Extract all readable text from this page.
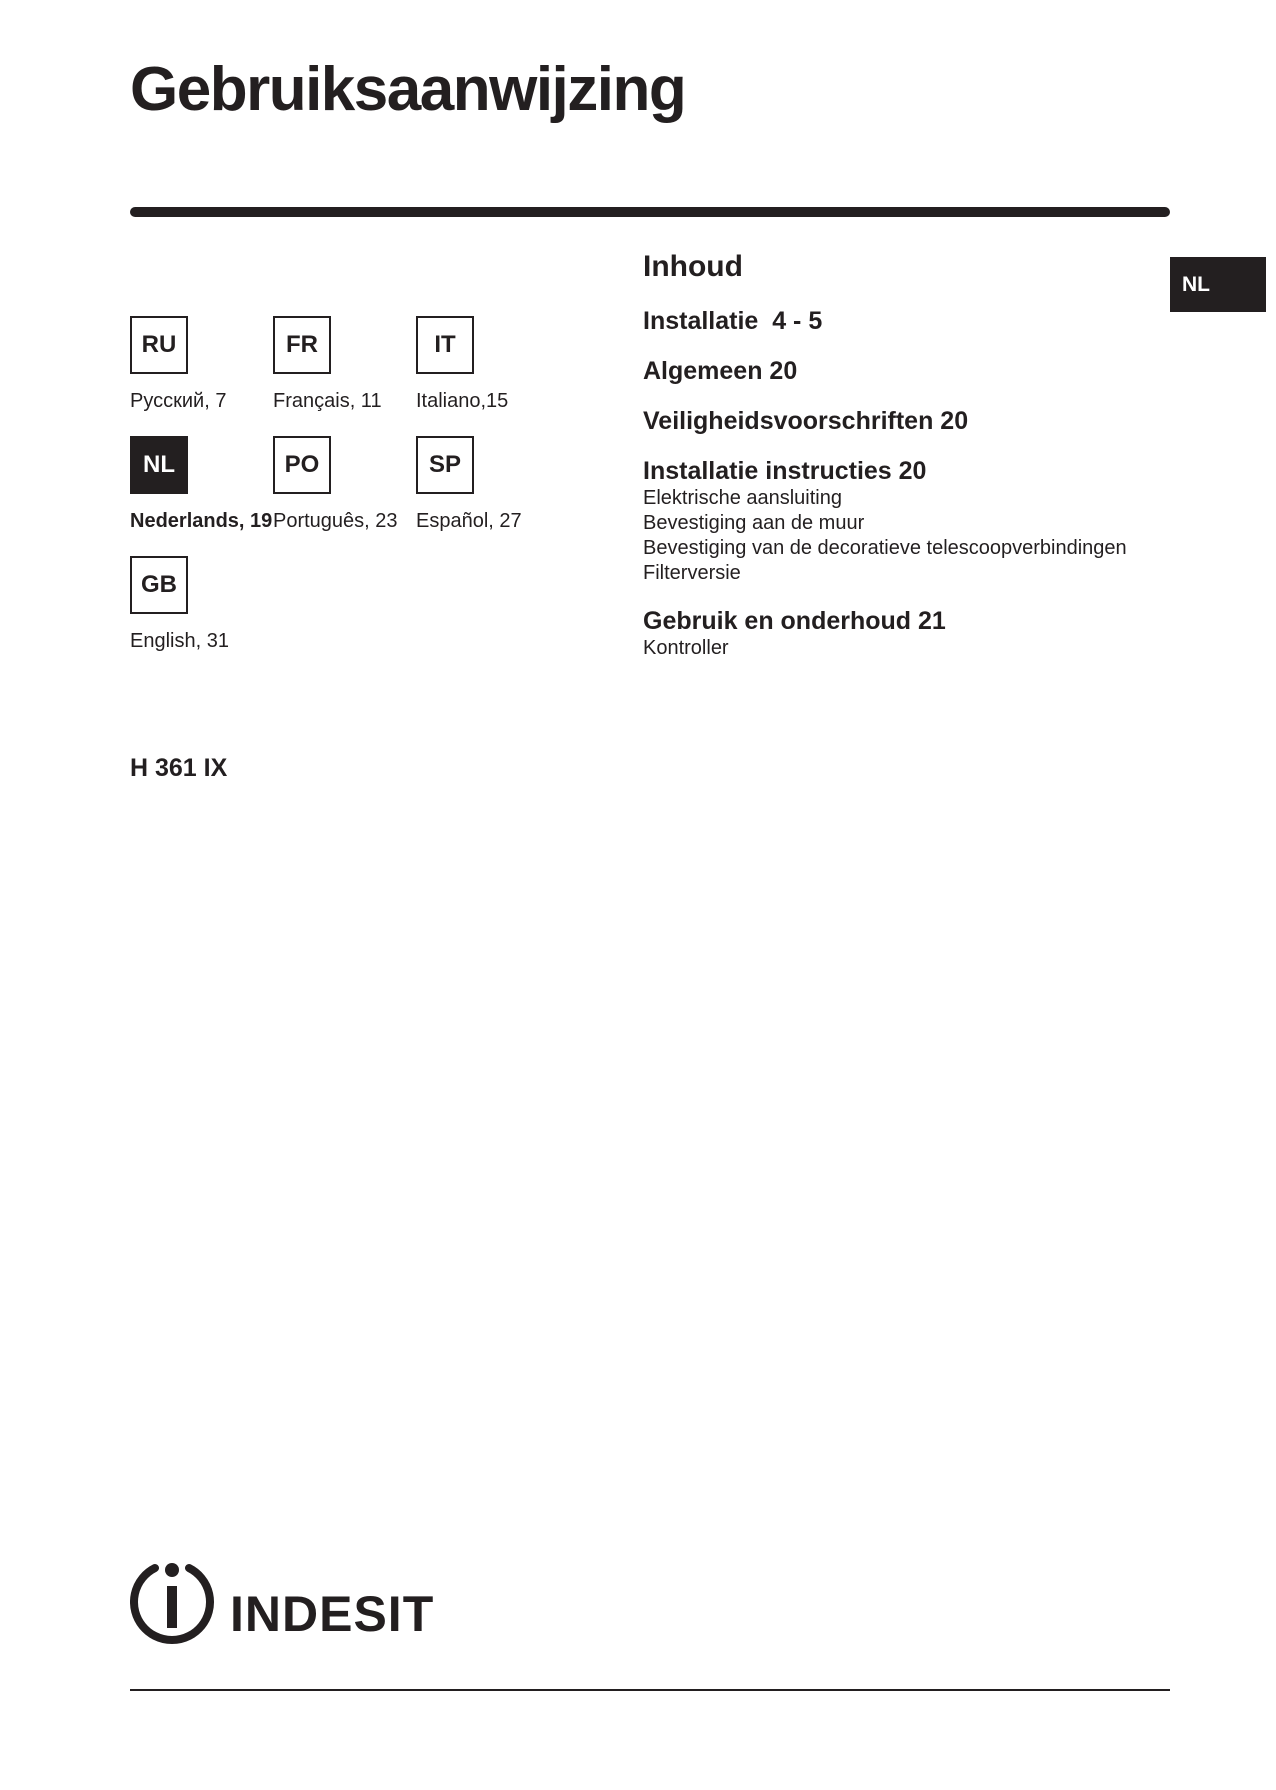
Gebruiksaanwijzing
NL
RU
Русский, 7
FR
Français, 11
IT
Italiano,15
NL
Nederlands, 19
PO
Português, 23
SP
Español, 27
GB
English, 31
H 361 IX
Inhoud
Installatie  4 - 5
Algemeen 20
Veiligheidsvoorschriften 20
Installatie instructies 20
Elektrische aansluiting
Bevestiging aan de muur
Bevestiging van de decoratieve telescoopverbindingen
Filterversie
Gebruik en onderhoud 21
Kontroller
INDESIT
